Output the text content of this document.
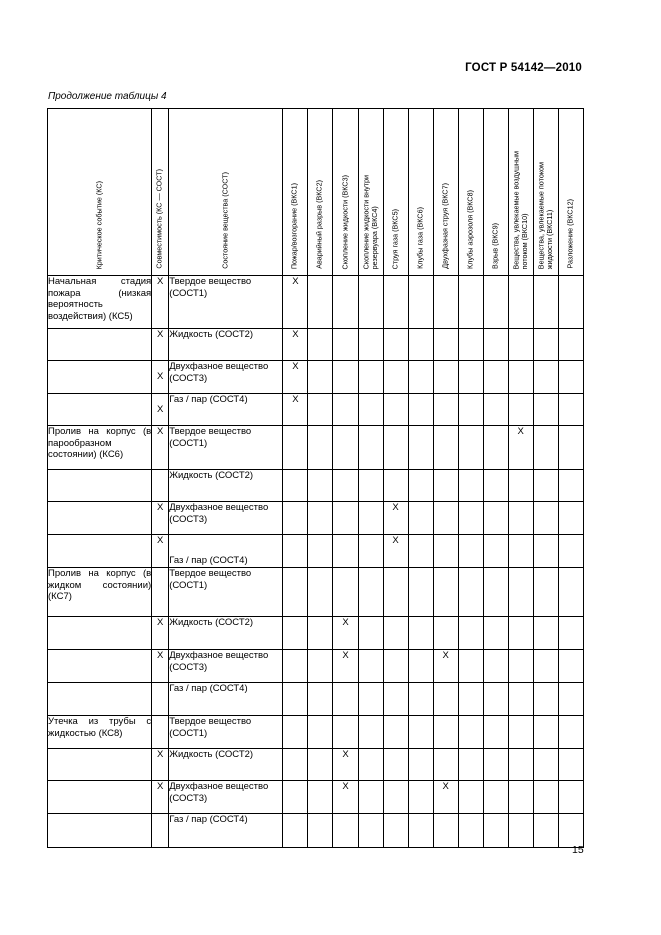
ГОСТ Р 54142—2010
Продолжение таблицы 4
Критическое событие (КС)	Совместимость (КС — СОСТ)	Состояние вещества (СОСТ)	Пожар/возгорание (ВКС1)	Аварийный разрыв (ВКС2)	Скопление жидкости (ВКС3)	Скопление жидкости внутри
резервуара (ВКС4)	Струя газа (ВКС5)	Клубы газа (ВКС6)	Двухфазная струя (ВКС7)	Клубы аэрозоля (ВКС8)	Взрыв (ВКС9)	Вещества, увлекаемые воздушным
потоком (ВКС10)	Вещества, увлекаемые потоком
жидкости (ВКС11)	Разложение (ВКС12)

Начальная стадия пожара (низкая вероятность воздействия) (КС5)	X	Твердое вещество (СОСТ1)	X											
	X	Жидкость (СОСТ2)	X											
	X	Двухфазное вещество (СОСТ3)	X											
	X	Газ / пар (СОСТ4)	X											
Пролив на корпус (в парообразном состоянии) (КС6)	X	Твердое вещество (СОСТ1)										X		
		Жидкость (СОСТ2)												
	X	Двухфазное вещество (СОСТ3)					X							
	X	Газ / пар (СОСТ4)					X							
Пролив на корпус (в жидком состоянии) (КС7)		Твердое вещество (СОСТ1)												
	X	Жидкость (СОСТ2)			X									
	X	Двухфазное вещество (СОСТ3)			X				X					
		Газ / пар (СОСТ4)												
Утечка из трубы с жидкостью (КС8)		Твердое вещество (СОСТ1)												
	X	Жидкость (СОСТ2)			X									
	X	Двухфазное вещество (СОСТ3)			X				X					
		Газ / пар (СОСТ4)												
15
